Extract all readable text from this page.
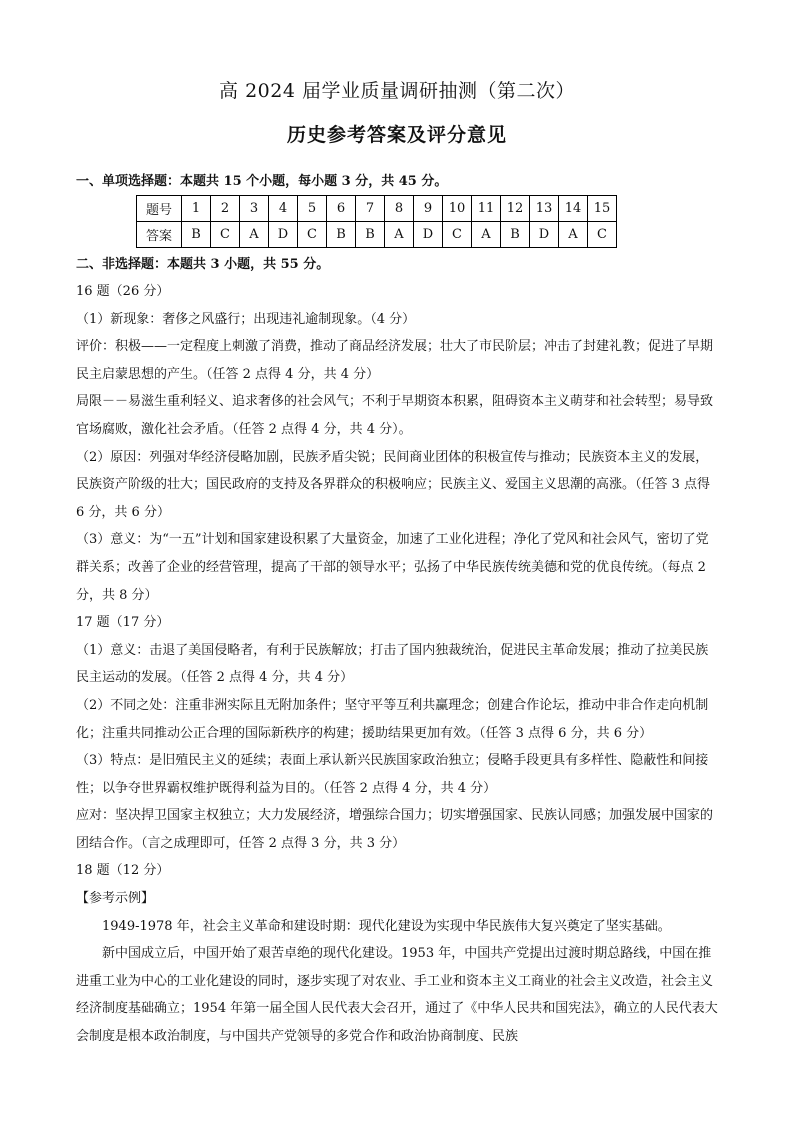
高 2024 届学业质量调研抽测（第二次）
历史参考答案及评分意见
一、单项选择题：本题共 15 个小题，每小题 3 分，共 45 分。
题号	1	2	3	4	5	6	7	8	9	10	11	12	13	14	15
答案	B	C	A	D	C	B	B	A	D	C	A	B	D	A	C
二、非选择题：本题共 3 小题，共 55 分。

16 题（26 分）

（1）新现象：奢侈之风盛行；出现违礼逾制现象。（4 分）

评价：积极——一定程度上刺激了消费，推动了商品经济发展；壮大了市民阶层；冲击了封建礼教；促进了早期民主启蒙思想的产生。（任答 2 点得 4 分，共 4 分）

局限－－易滋生重利轻义、追求奢侈的社会风气；不利于早期资本积累，阻碍资本主义萌芽和社会转型；易导致官场腐败，激化社会矛盾。（任答 2 点得 4 分，共 4 分）。

（2）原因：列强对华经济侵略加剧，民族矛盾尖锐；民间商业团体的积极宣传与推动；民族资本主义的发展，民族资产阶级的壮大；国民政府的支持及各界群众的积极响应；民族主义、爱国主义思潮的高涨。（任答 3 点得 6 分，共 6 分）

（3）意义：为“一五”计划和国家建设积累了大量资金，加速了工业化进程；净化了党风和社会风气，密切了党群关系；改善了企业的经营管理，提高了干部的领导水平；弘扬了中华民族传统美德和党的优良传统。（每点 2 分，共 8 分）

17 题（17 分）

（1）意义：击退了美国侵略者，有利于民族解放；打击了国内独裁统治，促进民主革命发展；推动了拉美民族民主运动的发展。（任答 2 点得 4 分，共 4 分）

（2）不同之处：注重非洲实际且无附加条件；坚守平等互利共赢理念；创建合作论坛，推动中非合作走向机制化；注重共同推动公正合理的国际新秩序的构建；援助结果更加有效。（任答 3 点得 6 分，共 6 分）

（3）特点：是旧殖民主义的延续；表面上承认新兴民族国家政治独立；侵略手段更具有多样性、隐蔽性和间接性；以争夺世界霸权维护既得利益为目的。（任答 2 点得 4 分，共 4 分）

应对：坚决捍卫国家主权独立；大力发展经济，增强综合国力；切实增强国家、民族认同感；加强发展中国家的团结合作。（言之成理即可，任答 2 点得 3 分，共 3 分）

18 题（12 分）

【参考示例】

1949-1978 年，社会主义革命和建设时期：现代化建设为实现中华民族伟大复兴奠定了坚实基础。

新中国成立后，中国开始了艰苦卓绝的现代化建设。1953 年，中国共产党提出过渡时期总路线，中国在推进重工业为中心的工业化建设的同时，逐步实现了对农业、手工业和资本主义工商业的社会主义改造，社会主义经济制度基础确立；1954 年第一届全国人民代表大会召开，通过了《中华人民共和国宪法》，确立的人民代表大会制度是根本政治制度，与中国共产党领导的多党合作和政治协商制度、民族
